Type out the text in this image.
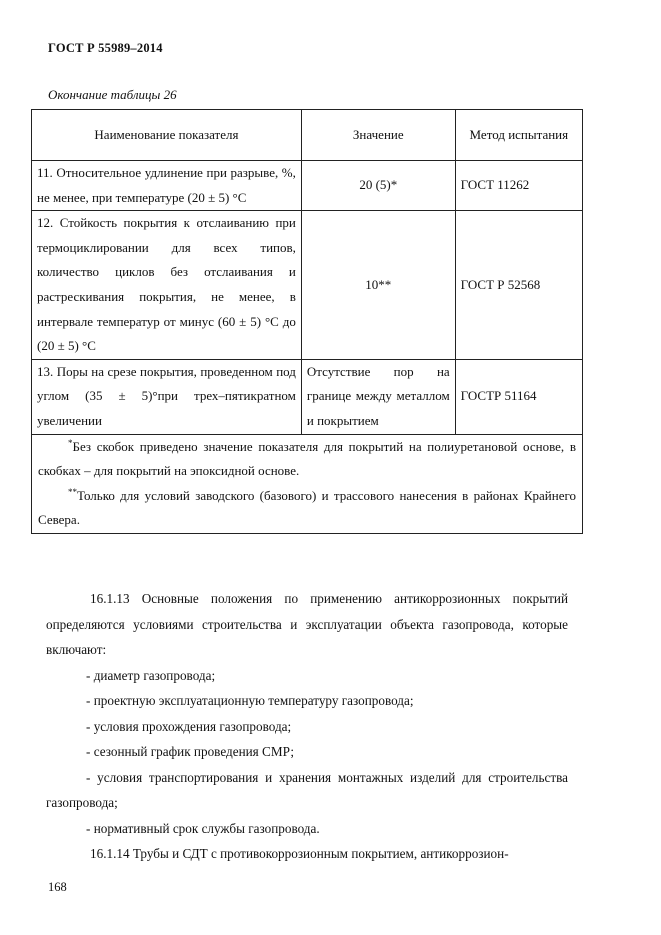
ГОСТ Р 55989–2014
Окончание таблицы 26
Наименование показателя	Значение	Метод испытания
11. Относительное удлинение при разрыве, %, не менее, при температуре (20 ± 5) °С	20 (5)*	ГОСТ 11262
12. Стойкость покрытия к отслаиванию при термоциклировании для всех типов, количество циклов без отслаивания и растрескивания покрытия, не менее, в интервале температур от минус (60 ± 5) °С до (20 ± 5) °С	10**	ГОСТ Р 52568
13. Поры на срезе покрытия, проведенном под углом (35 ± 5)°при трех–пятикратном увеличении	Отсутствие пор на границе между металлом и покрытием	ГОСТР 51164

*Без скобок приведено значение показателя для покрытий на полиуретановой основе, в скобках – для покрытий на эпоксидной основе.

**Только для условий заводского (базового) и трассового нанесения в районах Крайнего Севера.		

16.1.13 Основные положения по применению антикоррозионных покрытий определяются условиями строительства и эксплуатации объекта газопровода, которые включают:

- диаметр газопровода;

- проектную эксплуатационную температуру газопровода;

- условия прохождения газопровода;

- сезонный график проведения СМР;

- условия транспортирования и хранения монтажных изделий для строительства газопровода;

- нормативный срок службы газопровода.

16.1.14 Трубы и СДТ с противокоррозионным покрытием, антикоррозион-

168
